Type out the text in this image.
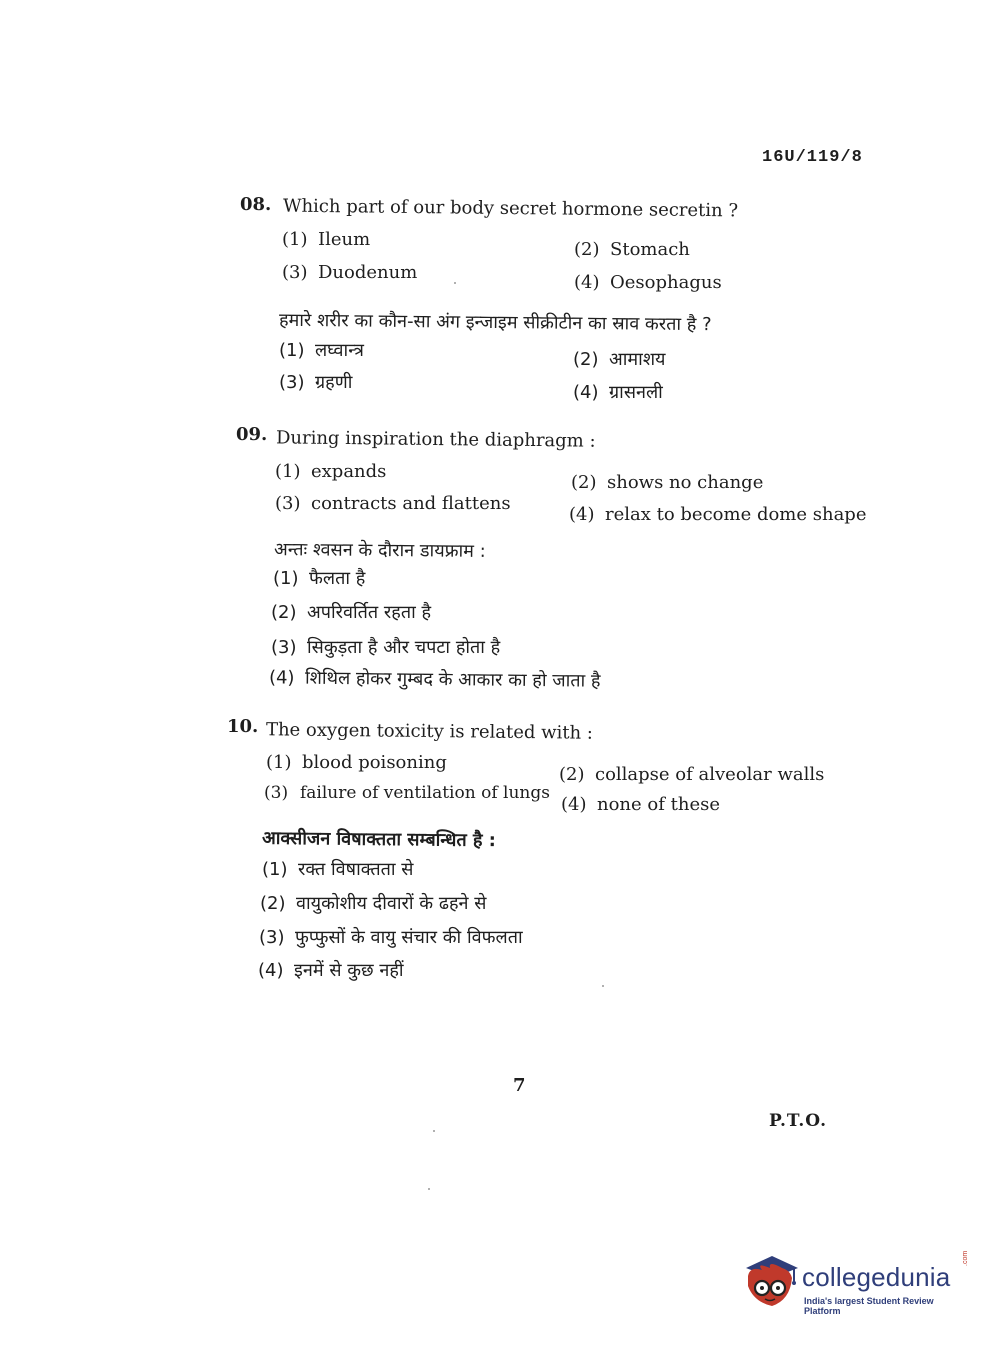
16U/119/8
08. Which part of our body secret hormone secretin ?
(1) Ileum	(2) Stomach
(3) Duodenum	(4) Oesophagus
हमारे शरीर का कौन-सा अंग इन्जाइम सीक्रीटीन का स्राव करता है ?
(1) लघ्वान्त्र	(2) आमाशय
(3) ग्रहणी	(4) ग्रासनली
09. During inspiration the diaphragm :
(1) expands
(2) shows no change
(3) contracts and flattens
(4) relax to become dome shape
अन्तः श्वसन के दौरान डायफ्राम :
(1) फैलता है
(2) अपरिवर्तित रहता है
(3) सिकुड़ता है और चपटा होता है
(4) शिथिल होकर गुम्बद के आकार का हो जाता है
10. The oxygen toxicity is related with :
(1) blood poisoning
(2) collapse of alveolar walls
(3) failure of ventilation of lungs
(4) none of these
आक्सीजन विषाक्तता सम्बन्धित है :
(1) रक्त विषाक्तता से
(2) वायुकोशीय दीवारों के ढहने से
(3) फुप्फुसों के वायु संचार की विफलता
(4) इनमें से कुछ नहीं
7
P.T.O.
collegedunia
.com
India's largest Student Review Platform
